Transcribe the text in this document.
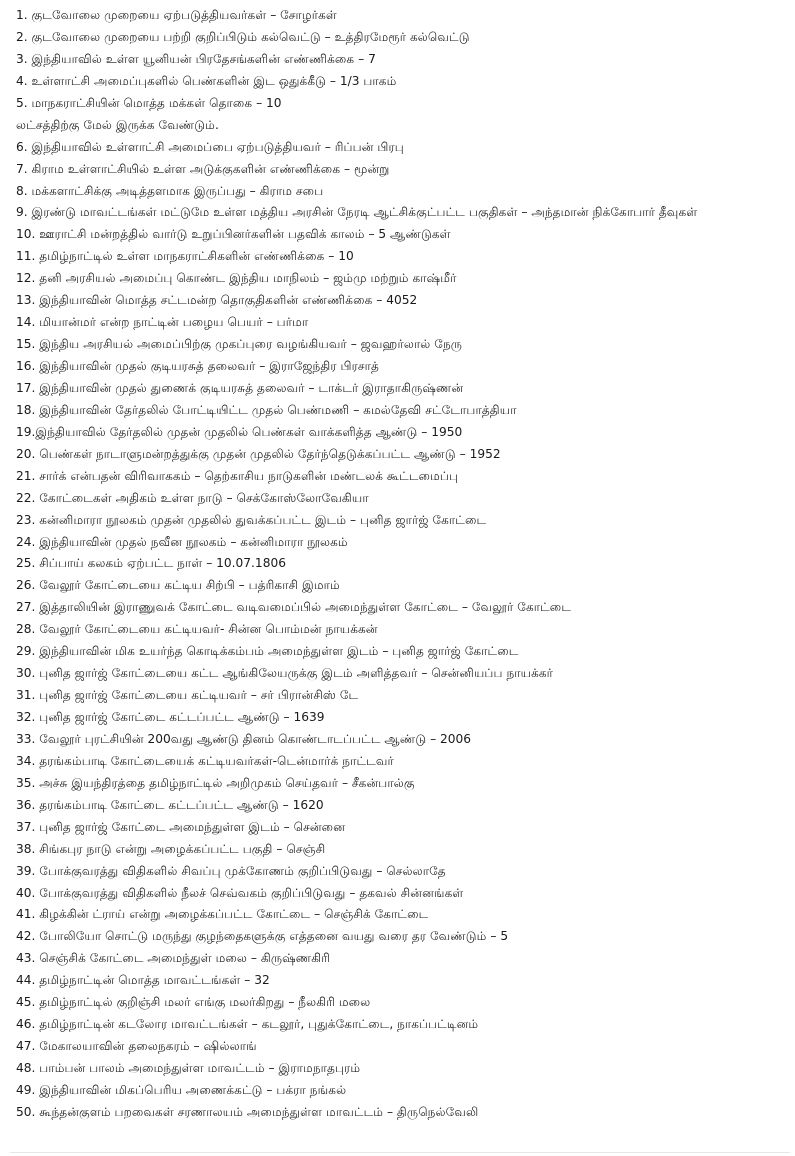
1. குடவோலை முறையை ஏற்படுத்தியவர்கள் – சோழர்கள்
2. குடவோலை முறையை பற்றி குறிப்பிடும் கல்வெட்டு – உத்திரமேரூர் கல்வெட்டு
3. இந்தியாவில் உள்ள யூனியன் பிரதேசங்களின் எண்ணிக்கை – 7
4. உள்ளாட்சி அமைப்புகளில் பெண்களின் இட ஒதுக்கீடு – 1/3 பாகம்
5. மாநகராட்சியின் மொத்த மக்கள் தொகை – 10
லட்சத்திற்கு மேல் இருக்க வேண்டும்.
6. இந்தியாவில் உள்ளாட்சி அமைப்பை ஏற்படுத்தியவர் – ரிப்பன் பிரபு
7. கிராம உள்ளாட்சியில் உள்ள அடுக்குகளின் எண்ணிக்கை – மூன்று
8. மக்களாட்சிக்கு அடித்தளமாக இருப்பது – கிராம சபை
9. இரண்டு மாவட்டங்கள் மட்டுமே உள்ள மத்திய அரசின் நேரடி ஆட்சிக்குட்பட்ட பகுதிகள் – அந்தமான் நிக்கோபார் தீவுகள்
10. ஊராட்சி மன்றத்தில் வார்டு உறுப்பினர்களின் பதவிக் காலம் – 5 ஆண்டுகள்
11. தமிழ்நாட்டில் உள்ள மாநகராட்சிகளின் எண்ணிக்கை – 10
12. தனி அரசியல் அமைப்பு கொண்ட இந்திய மாநிலம் – ஜம்மு மற்றும் காஷ்மீர்
13. இந்தியாவின் மொத்த சட்டமன்ற தொகுதிகளின் எண்ணிக்கை – 4052
14. மியான்மர் என்ற நாட்டின் பழைய பெயர் – பர்மா
15. இந்திய அரசியல் அமைப்பிற்கு முகப்புரை வழங்கியவர் – ஜவஹர்லால் நேரு
16. இந்தியாவின் முதல் குடியரசுத் தலைவர் – இராஜேந்திர பிரசாத்
17. இந்தியாவின் முதல் துணைக் குடியரசுத் தலைவர் – டாக்டர் இராதாகிருஷ்ணன்
18. இந்தியாவின் தேர்தலில் போட்டியிட்ட முதல் பெண்மணி – கமல்தேவி சட்டோபாத்தியா
19.இந்தியாவில் தேர்தலில் முதன் முதலில் பெண்கள் வாக்களித்த ஆண்டு – 1950
20. பெண்கள் நாடாளுமன்றத்துக்கு முதன் முதலில் தேர்ந்தெடுக்கப்பட்ட ஆண்டு – 1952
21. சார்க் என்பதன் விரிவாககம் – தெற்காசிய நாடுகளின் மண்டலக் கூட்டமைப்பு
22. கோட்டைகள் அதிகம் உள்ள நாடு – செக்கோஸ்லோவேகியா
23. கன்னிமாரா நூலகம் முதன் முதலில் துவக்கப்பட்ட இடம் – புனித ஜார்ஜ் கோட்டை
24. இந்தியாவின் முதல் நவீன நூலகம் – கன்னிமாரா நூலகம்
25. சிப்பாய் கலகம் ஏற்பட்ட நாள் – 10.07.1806
26. வேலூர் கோட்டையை கட்டிய சிற்பி – பத்ரிகாசி இமாம்
27. இத்தாலியின் இராணுவக் கோட்டை வடிவமைப்பில் அமைந்துள்ள கோட்டை – வேலூர் கோட்டை
28. வேலூர் கோட்டையை கட்டியவர்- சின்ன பொம்மன் நாயக்கன்
29. இந்தியாவின் மிக உயர்ந்த கொடிக்கம்பம் அமைந்துள்ள இடம் – புனித ஜார்ஜ் கோட்டை
30. புனித ஜார்ஜ் கோட்டையை கட்ட ஆங்கிலேயருக்கு இடம் அளித்தவர் – சென்னியப்ப நாயக்கர்
31. புனித ஜார்ஜ் கோட்டையை கட்டியவர் – சர் பிரான்சிஸ் டே
32. புனித ஜார்ஜ் கோட்டை கட்டப்பட்ட ஆண்டு – 1639
33. வேலூர் புரட்சியின் 200வது ஆண்டு தினம் கொண்டாடப்பட்ட ஆண்டு – 2006
34. தரங்கம்பாடி கோட்டையைக் கட்டியவர்கள்-டென்மார்க் நாட்டவர்
35. அச்சு இயந்திரத்தை தமிழ்நாட்டில் அறிமுகம் செய்தவர் – சீகன்பால்கு
36. தரங்கம்பாடி கோட்டை கட்டப்பட்ட ஆண்டு – 1620
37. புனித ஜார்ஜ் கோட்டை அமைந்துள்ள இடம் – சென்னை
38. சிங்கபுர நாடு என்று அழைக்கப்பட்ட பகுதி – செஞ்சி
39. போக்குவரத்து விதிகளில் சிவப்பு முக்கோணம் குறிப்பிடுவது – செல்லாதே
40. போக்குவரத்து விதிகளில் நீலச் செவ்வகம் குறிப்பிடுவது – தகவல் சின்னங்கள்
41. கிழக்கின் ட்ராய் என்று அழைக்கப்பட்ட கோட்டை – செஞ்சிக் கோட்டை
42. போலியோ சொட்டு மருந்து குழந்தைகளுக்கு எத்தனை வயது வரை தர வேண்டும் – 5
43. செஞ்சிக் கோட்டை அமைந்துள் மலை – கிருஷ்ணகிரி
44. தமிழ்நாட்டின் மொத்த மாவட்டங்கள் – 32
45. தமிழ்நாட்டில் குறிஞ்சி மலர் எங்கு மலர்கிறது – நீலகிரி மலை
46. தமிழ்நாட்டின் கடலோர மாவட்டங்கள் – கடலூர், புதுக்கோட்டை, நாகப்பட்டினம்
47. மேகாலயாவின் தலைநகரம் – ஷில்லாங்
48. பாம்பன் பாலம் அமைந்துள்ள மாவட்டம் – இராமநாதபுரம்
49. இந்தியாவின் மிகப்பெரிய அணைக்கட்டு – பக்ரா நங்கல்
50. கூந்தன்குளம் பறவைகள் சரணாலயம் அமைந்துள்ள மாவட்டம் – திருநெல்வேலி
